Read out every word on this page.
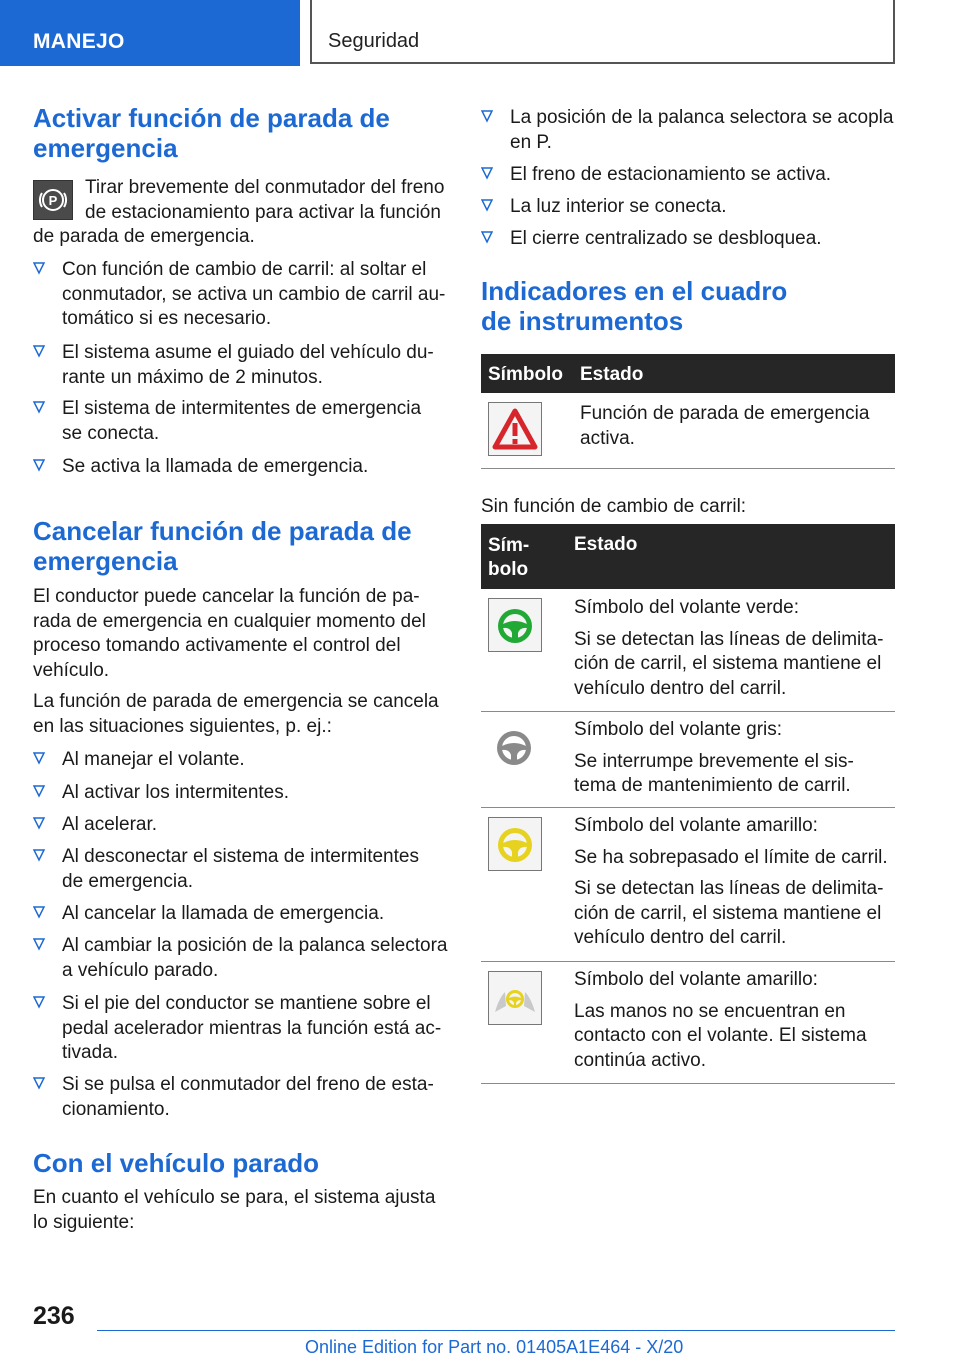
MANEJO	Seguridad
Activar función de parada de
emergencia
P
Tirar brevemente del conmutador del freno
de estacionamiento para activar la función
de parada de emergencia.
Con función de cambio de carril: al soltar el
conmutador, se activa un cambio de carril au-
tomático si es necesario.
El sistema asume el guiado del vehículo du-
rante un máximo de 2 minutos.
El sistema de intermitentes de emergencia
se conecta.
Se activa la llamada de emergencia.
Cancelar función de parada de
emergencia
El conductor puede cancelar la función de pa-
rada de emergencia en cualquier momento del
proceso tomando activamente el control del
vehículo.
La función de parada de emergencia se cancela
en las situaciones siguientes, p. ej.:
Al manejar el volante.
Al activar los intermitentes.
Al acelerar.
Al desconectar el sistema de intermitentes
de emergencia.
Al cancelar la llamada de emergencia.
Al cambiar la posición de la palanca selectora
a vehículo parado.
Si el pie del conductor se mantiene sobre el
pedal acelerador mientras la función está ac-
tivada.
Si se pulsa el conmutador del freno de esta-
cionamiento.
Con el vehículo parado
En cuanto el vehículo se para, el sistema ajusta
lo siguiente:
La posición de la palanca selectora se acopla
en P.
El freno de estacionamiento se activa.
La luz interior se conecta.
El cierre centralizado se desbloquea.
Indicadores en el cuadro
de instrumentos
Símbolo Estado
Función de parada de emergencia
activa.
Sin función de cambio de carril:
Sím-

bolo
Estado
Símbolo del volante verde:
Si se detectan las líneas de delimita-
ción de carril, el sistema mantiene el
vehículo dentro del carril.
Símbolo del volante gris:
Se interrumpe brevemente el sis-
tema de mantenimiento de carril.
Símbolo del volante amarillo:
Se ha sobrepasado el límite de carril.
Si se detectan las líneas de delimita-
ción de carril, el sistema mantiene el
vehículo dentro del carril.
Símbolo del volante amarillo:
Las manos no se encuentran en
contacto con el volante. El sistema
continúa activo.
236
Online Edition for Part no. 01405A1E464 - X/20
